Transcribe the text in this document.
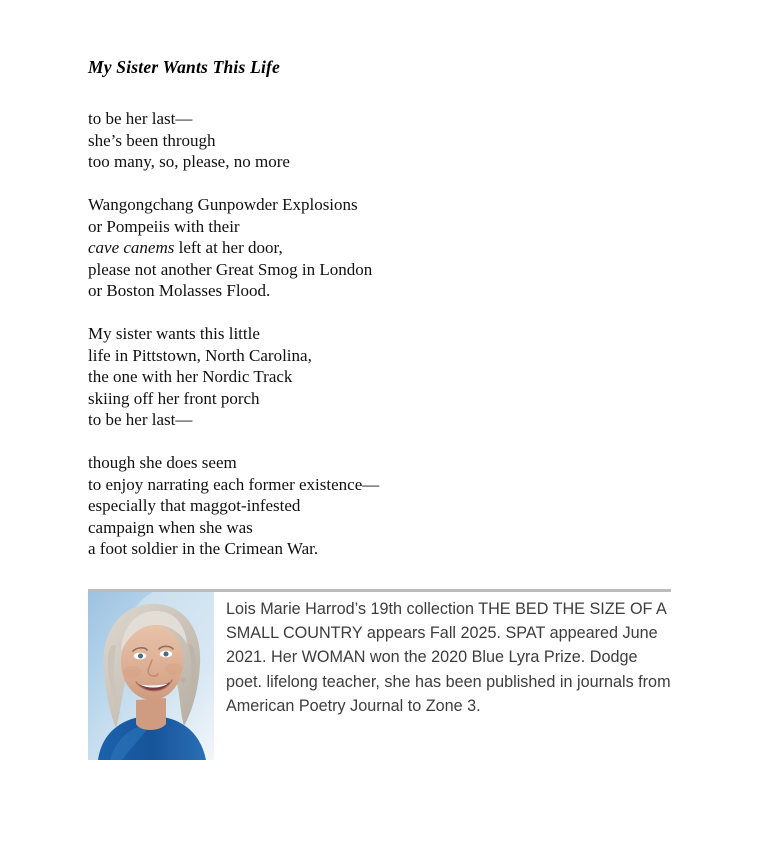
My Sister Wants This Life

to be her last—
she’s been through
too many, so, please, no more

Wangongchang Gunpowder Explosions
or Pompeiis with their
cave canems left at her door,
please not another Great Smog in London
or Boston Molasses Flood.

My sister wants this little
life in Pittstown, North Carolina,
the one with her Nordic Track
skiing off her front porch
to be her last—

though she does seem
to enjoy narrating each former existence—
especially that maggot-infested
campaign when she was
a foot soldier in the Crimean War.

Lois Marie Harrod’s 19th collection THE BED THE SIZE OF A SMALL COUNTRY appears Fall 2025. SPAT appeared June 2021. Her WOMAN won the 2020 Blue Lyra Prize. Dodge poet. lifelong teacher, she has been published in journals from American Poetry Journal to Zone 3.
